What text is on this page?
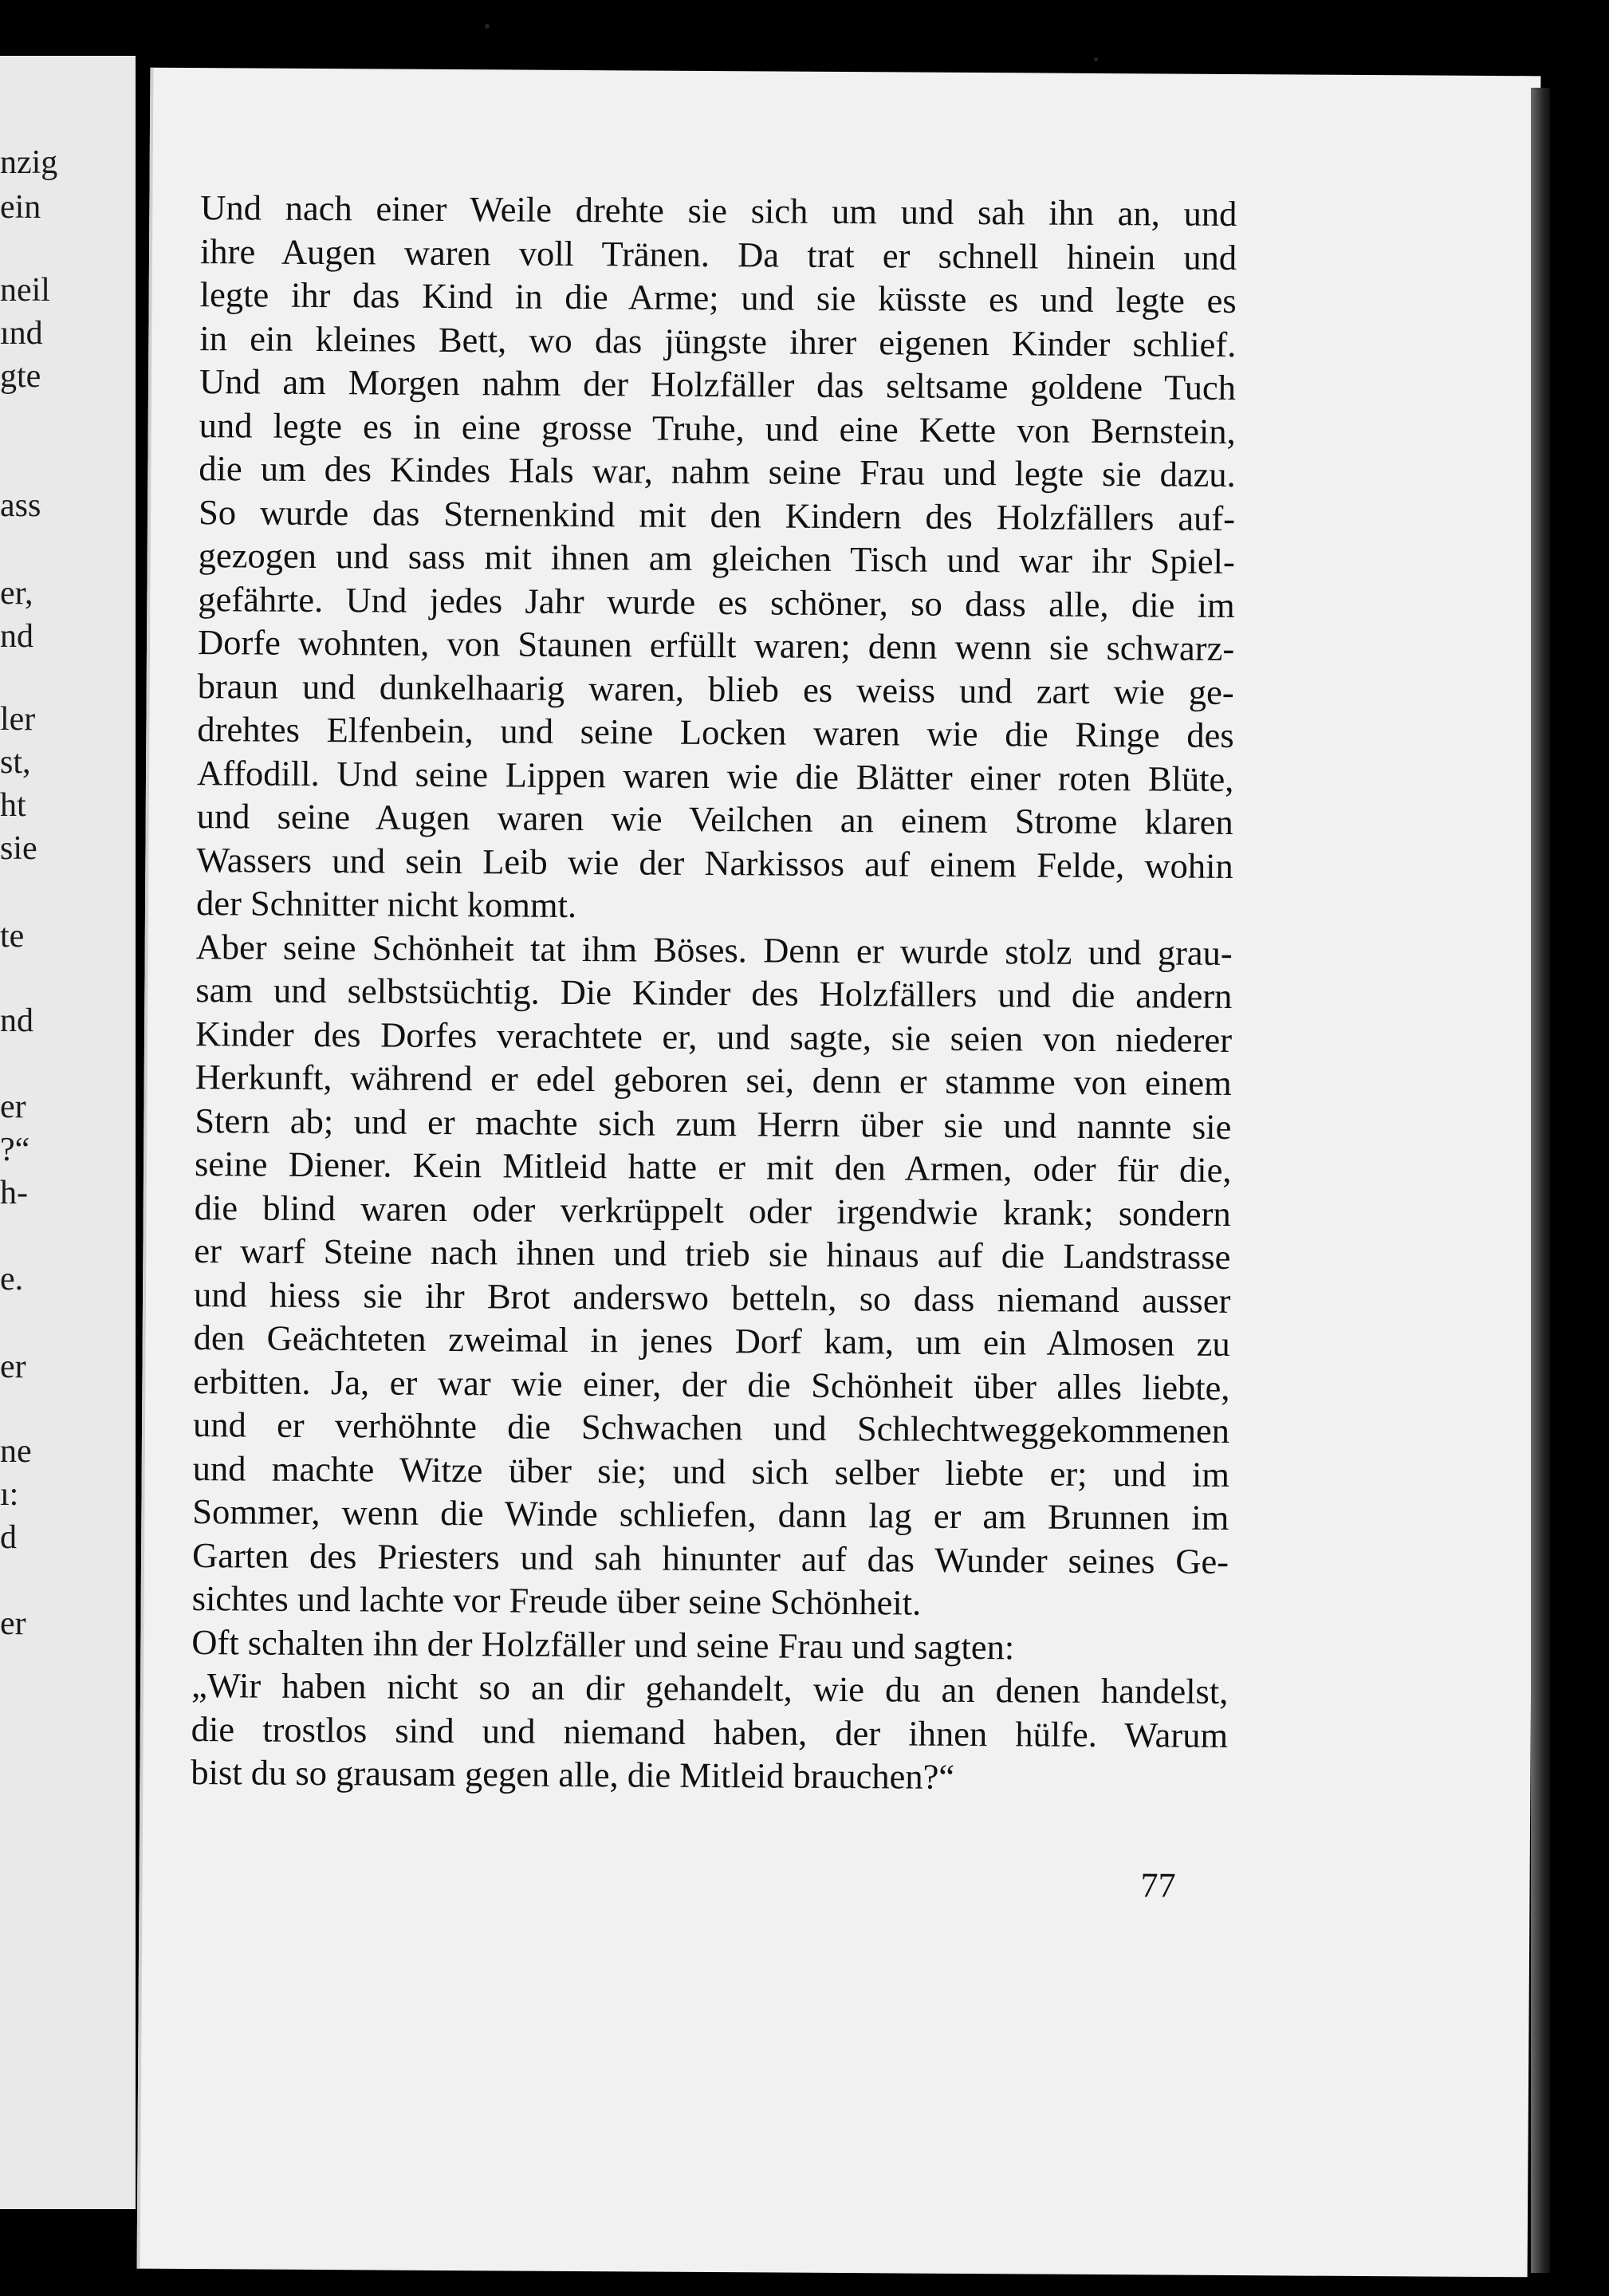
nzig
ein
neil
ınd
gte
ass
er,
nd
ler
st,
ht
sie
te
nd
er
?“
h-
e.
er
ne
ı:
d
er
Und nach einer Weile drehte sie sich um und sah ihn an, und
ihre Augen waren voll Tränen. Da trat er schnell hinein und
legte ihr das Kind in die Arme; und sie küsste es und legte es
in ein kleines Bett, wo das jüngste ihrer eigenen Kinder schlief.
Und am Morgen nahm der Holzfäller das seltsame goldene Tuch
und legte es in eine grosse Truhe, und eine Kette von Bernstein,
die um des Kindes Hals war, nahm seine Frau und legte sie dazu.
So wurde das Sternenkind mit den Kindern des Holzfällers auf-
gezogen und sass mit ihnen am gleichen Tisch und war ihr Spiel-
gefährte. Und jedes Jahr wurde es schöner, so dass alle, die im
Dorfe wohnten, von Staunen erfüllt waren; denn wenn sie schwarz-
braun und dunkelhaarig waren, blieb es weiss und zart wie ge-
drehtes Elfenbein, und seine Locken waren wie die Ringe des
Affodill. Und seine Lippen waren wie die Blätter einer roten Blüte,
und seine Augen waren wie Veilchen an einem Strome klaren
Wassers und sein Leib wie der Narkissos auf einem Felde, wohin
der Schnitter nicht kommt.
Aber seine Schönheit tat ihm Böses. Denn er wurde stolz und grau-
sam und selbstsüchtig. Die Kinder des Holzfällers und die andern
Kinder des Dorfes verachtete er, und sagte, sie seien von niederer
Herkunft, während er edel geboren sei, denn er stamme von einem
Stern ab; und er machte sich zum Herrn über sie und nannte sie
seine Diener. Kein Mitleid hatte er mit den Armen, oder für die,
die blind waren oder verkrüppelt oder irgendwie krank; sondern
er warf Steine nach ihnen und trieb sie hinaus auf die Landstrasse
und hiess sie ihr Brot anderswo betteln, so dass niemand ausser
den Geächteten zweimal in jenes Dorf kam, um ein Almosen zu
erbitten. Ja, er war wie einer, der die Schönheit über alles liebte,
und er verhöhnte die Schwachen und Schlechtweggekommenen
und machte Witze über sie; und sich selber liebte er; und im
Sommer, wenn die Winde schliefen, dann lag er am Brunnen im
Garten des Priesters und sah hinunter auf das Wunder seines Ge-
sichtes und lachte vor Freude über seine Schönheit.
Oft schalten ihn der Holzfäller und seine Frau und sagten:
„Wir haben nicht so an dir gehandelt, wie du an denen handelst,
die trostlos sind und niemand haben, der ihnen hülfe. Warum
bist du so grausam gegen alle, die Mitleid brauchen?“
77
